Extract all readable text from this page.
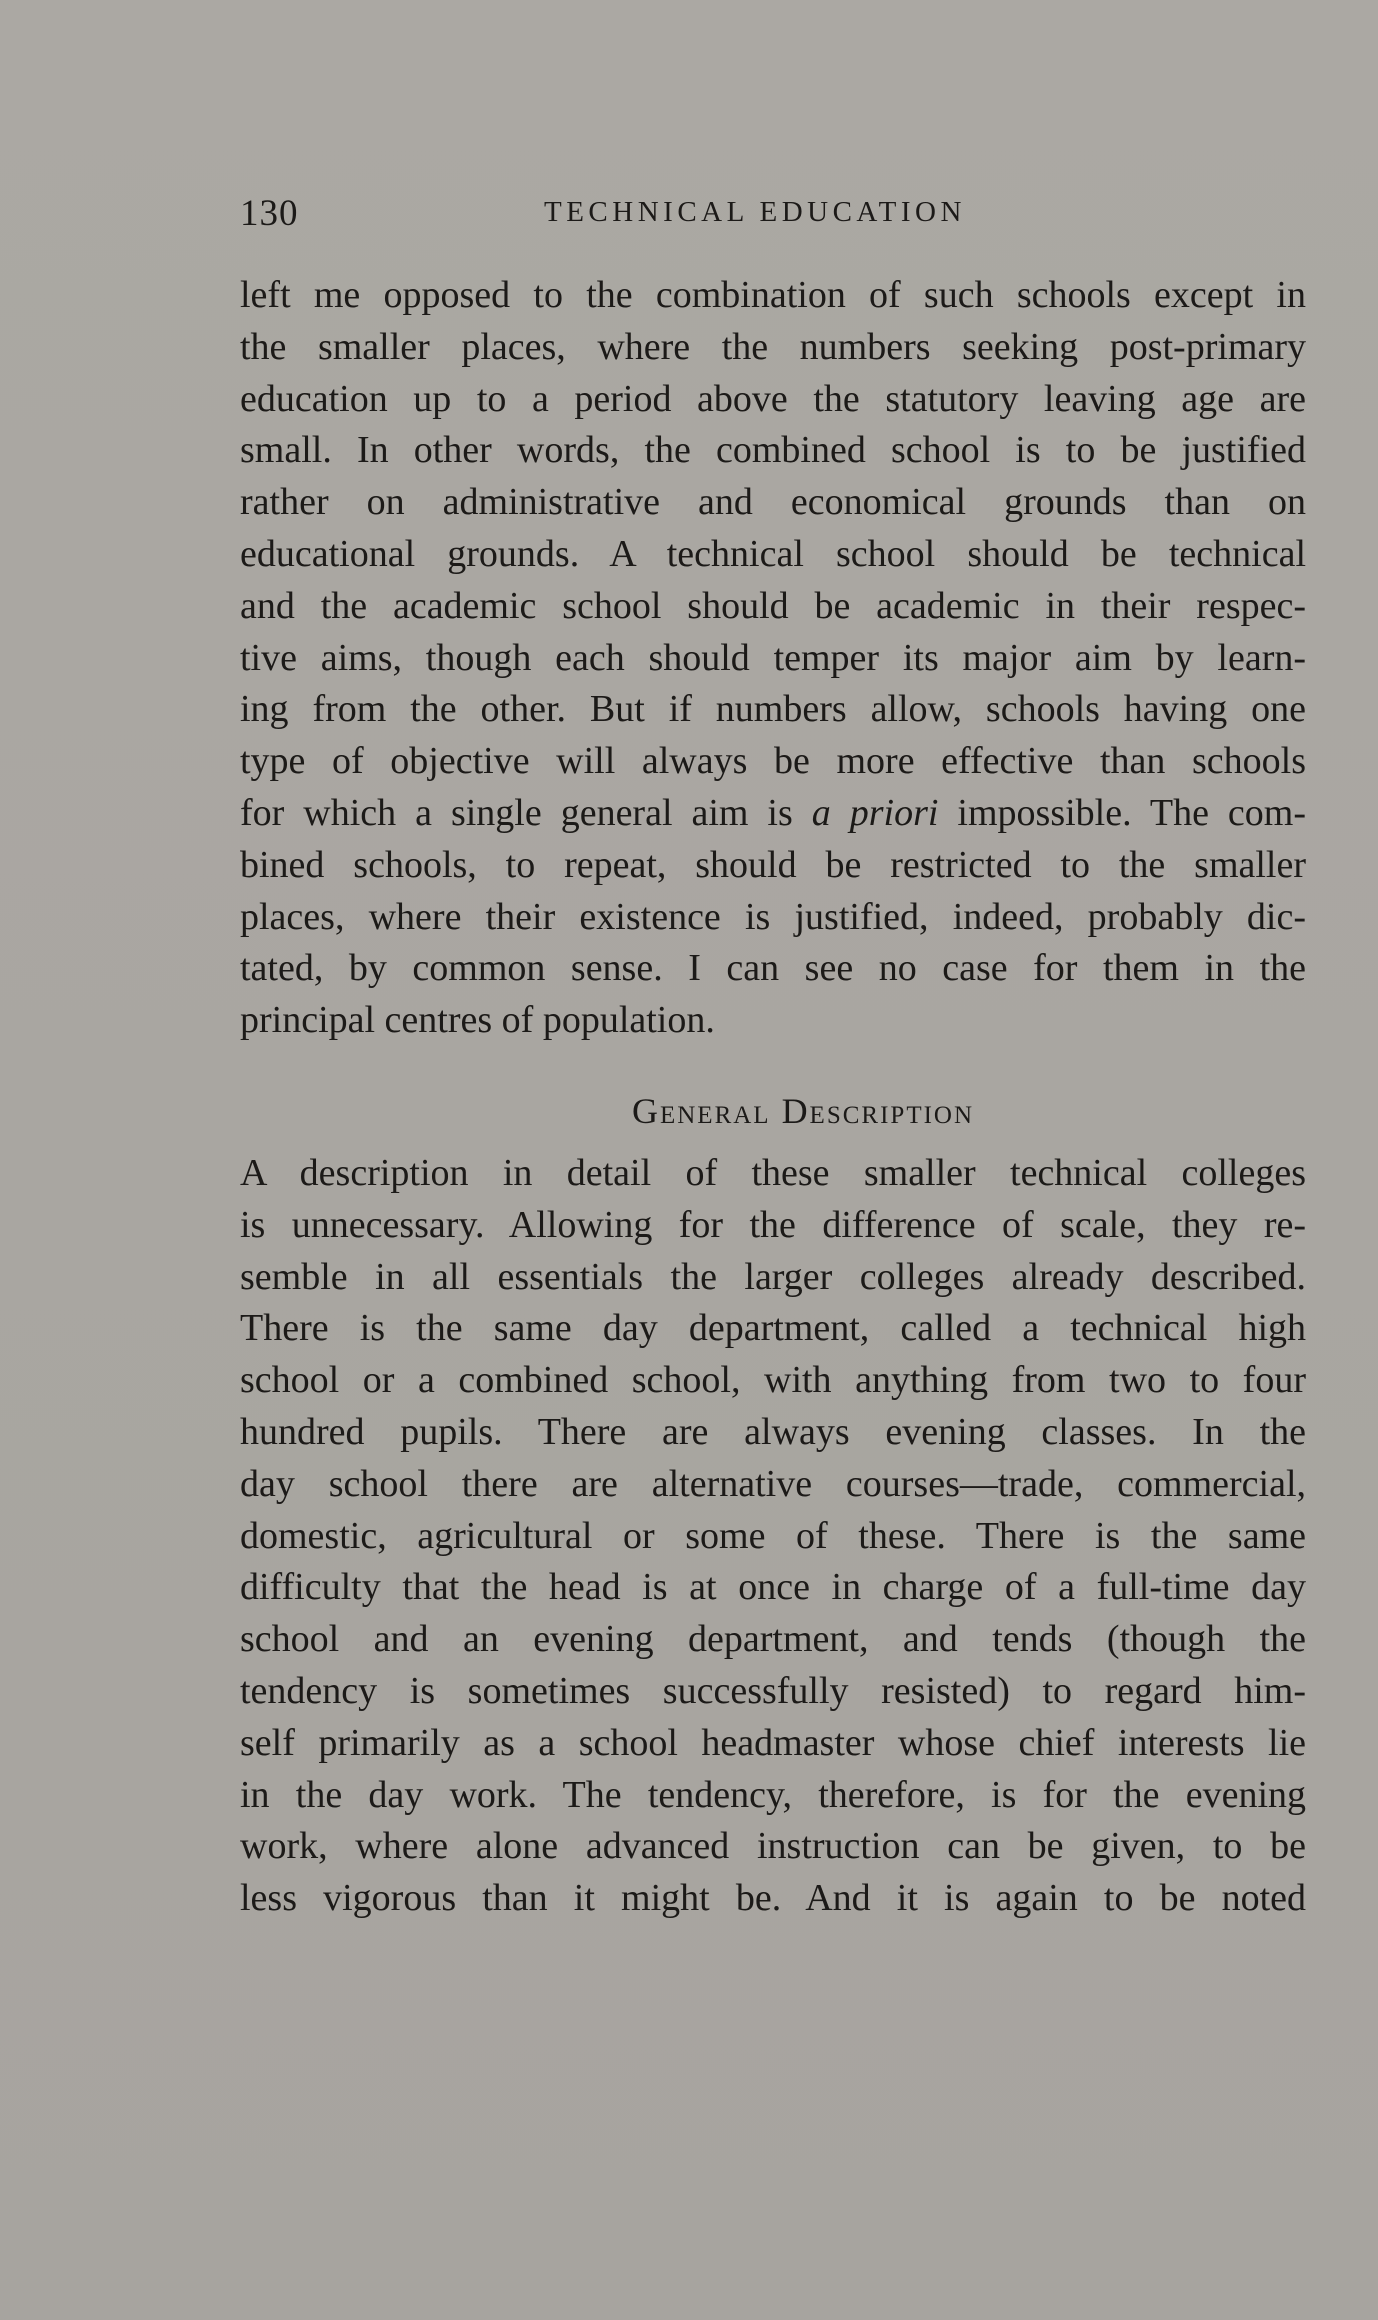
130	TECHNICAL EDUCATION
left me opposed to the combination of such schools except in
the smaller places, where the numbers seeking post-primary
education up to a period above the statutory leaving age are
small. In other words, the combined school is to be justified
rather on administrative and economical grounds than on
educational grounds. A technical school should be technical
and the academic school should be academic in their respec-
tive aims, though each should temper its major aim by learn-
ing from the other. But if numbers allow, schools having one
type of objective will always be more effective than schools
for which a single general aim is a priori impossible. The com-
bined schools, to repeat, should be restricted to the smaller
places, where their existence is justified, indeed, probably dic-
tated, by common sense. I can see no case for them in the
principal centres of population.
General Description
A description in detail of these smaller technical colleges
is unnecessary. Allowing for the difference of scale, they re-
semble in all essentials the larger colleges already described.
There is the same day department, called a technical high
school or a combined school, with anything from two to four
hundred pupils. There are always evening classes. In the
day school there are alternative courses—trade, commercial,
domestic, agricultural or some of these. There is the same
difficulty that the head is at once in charge of a full-time day
school and an evening department, and tends (though the
tendency is sometimes successfully resisted) to regard him-
self primarily as a school headmaster whose chief interests lie
in the day work. The tendency, therefore, is for the evening
work, where alone advanced instruction can be given, to be
less vigorous than it might be. And it is again to be noted
